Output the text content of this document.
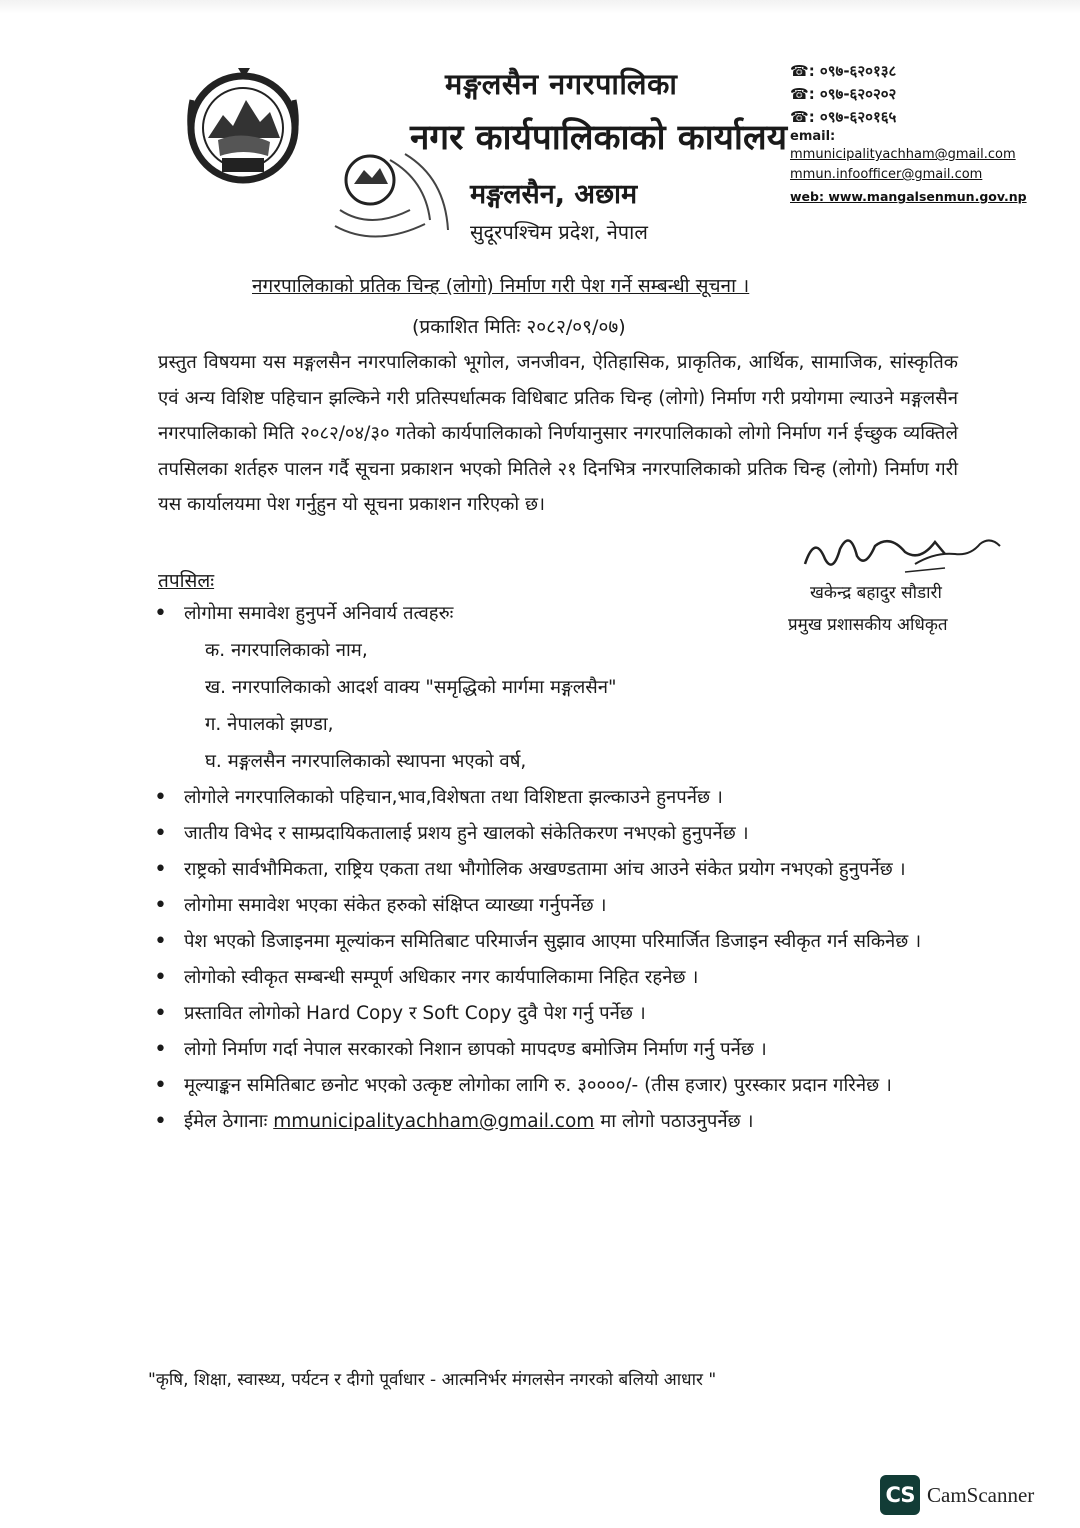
मङ्गलसैन नगरपालिका
नगर कार्यपालिकाको कार्यालय
मङ्गलसैन, अछाम
सुदूरपश्चिम प्रदेश, नेपाल
☎: ०९७-६२०१३८
☎: ०९७-६२०२०२
☎: ०९७-६२०१६५
email:
mmunicipalityachham@gmail.com
mmun.infoofficer@gmail.com
web: www.mangalsenmun.gov.np
नगरपालिकाको प्रतिक चिन्ह (लोगो) निर्माण गरी पेश गर्ने सम्बन्धी सूचना ।
(प्रकाशित मितिः २०८२/०९/०७)
प्रस्तुत विषयमा यस मङ्गलसैन नगरपालिकाको भूगोल, जनजीवन, ऐतिहासिक, प्राकृतिक, आर्थिक, सामाजिक, सांस्कृतिक एवं अन्य विशिष्ट पहिचान झल्किने गरी प्रतिस्पर्धात्मक विधिबाट प्रतिक चिन्ह (लोगो) निर्माण गरी प्रयोगमा ल्याउने मङ्गलसैन नगरपालिकाको मिति २०८२/०४/३० गतेको कार्यपालिकाको निर्णयानुसार नगरपालिकाको लोगो निर्माण गर्न ईच्छुक व्यक्तिले तपसिलका शर्तहरु पालन गर्दै सूचना प्रकाशन भएको मितिले २१ दिनभित्र नगरपालिकाको प्रतिक चिन्ह (लोगो) निर्माण गरी यस कार्यालयमा पेश गर्नुहुन यो सूचना प्रकाशन गरिएको छ।
खकेन्द्र बहादुर सौडारी
प्रमुख प्रशासकीय अधिकृत
तपसिलः
• लोगोमा समावेश हुनुपर्ने अनिवार्य तत्वहरुः
क. नगरपालिकाको नाम,
ख. नगरपालिकाको आदर्श वाक्य "समृद्धिको मार्गमा मङ्गलसैन"
ग. नेपालको झण्डा,
घ. मङ्गलसैन नगरपालिकाको स्थापना भएको वर्ष,
• लोगोले नगरपालिकाको पहिचान,भाव,विशेषता तथा विशिष्टता झल्काउने हुनपर्नेछ ।
• जातीय विभेद र साम्प्रदायिकतालाई प्रशय हुने खालको संकेतिकरण नभएको हुनुपर्नेछ ।
• राष्ट्रको सार्वभौमिकता, राष्ट्रिय एकता तथा भौगोलिक अखण्डतामा आंच आउने संकेत प्रयोग नभएको हुनुपर्नेछ ।
• लोगोमा समावेश भएका संकेत हरुको संक्षिप्त व्याख्या गर्नुपर्नेछ ।
• पेश भएको डिजाइनमा मूल्यांकन समितिबाट परिमार्जन सुझाव आएमा परिमार्जित डिजाइन स्वीकृत गर्न सकिनेछ ।
• लोगोको स्वीकृत सम्बन्धी सम्पूर्ण अधिकार नगर कार्यपालिकामा निहित रहनेछ ।
• प्रस्तावित लोगोको Hard Copy र Soft Copy दुवै पेश गर्नु पर्नेछ ।
• लोगो निर्माण गर्दा नेपाल सरकारको निशान छापको मापदण्ड बमोजिम निर्माण गर्नु पर्नेछ ।
• मूल्याङ्कन समितिबाट छनोट भएको उत्कृष्ट लोगोका लागि रु. ३००००/- (तीस हजार) पुरस्कार प्रदान गरिनेछ ।
• ईमेल ठेगानाः mmunicipalityachham@gmail.com मा लोगो पठाउनुपर्नेछ ।
"कृषि, शिक्षा, स्वास्थ्य, पर्यटन र दीगो पूर्वाधार - आत्मनिर्भर मंगलसेन नगरको बलियो आधार "
CS CamScanner
